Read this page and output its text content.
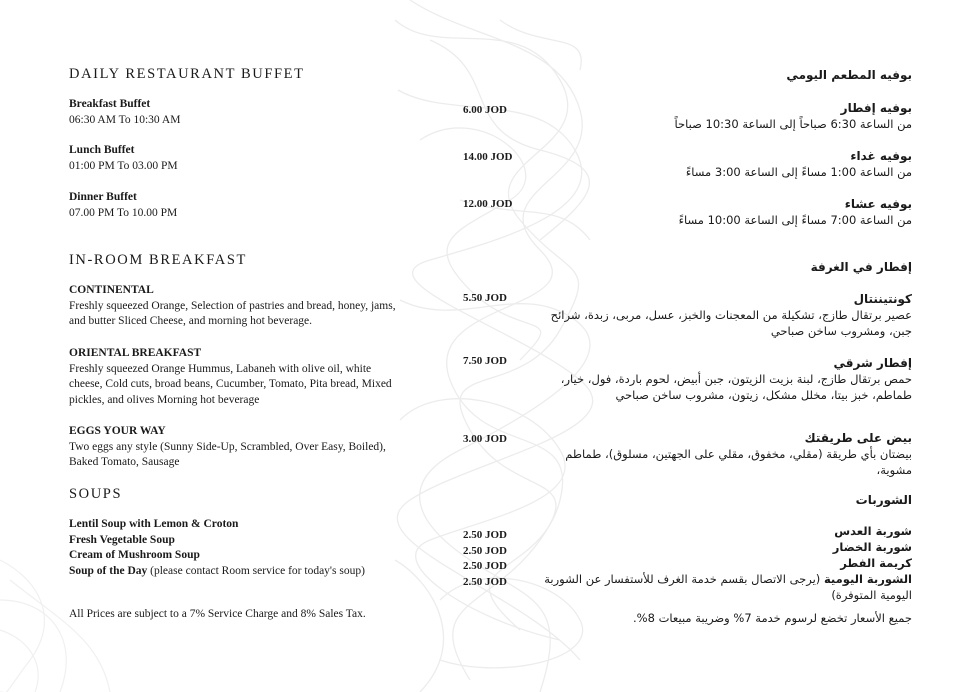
DAILY RESTAURANT BUFFET
Breakfast Buffet
06:30 AM To 10:30 AM
6.00 JOD
Lunch Buffet
01:00 PM To 03.00 PM
14.00 JOD
Dinner Buffet
07.00 PM To 10.00 PM
12.00 JOD
IN-ROOM BREAKFAST
CONTINENTAL
Freshly squeezed Orange, Selection of pastries and bread, honey, jams, and butter Sliced Cheese, and morning hot beverage.
5.50 JOD
ORIENTAL BREAKFAST
Freshly squeezed Orange Hummus, Labaneh with olive oil, white cheese, Cold cuts, broad beans, Cucumber, Tomato, Pita bread, Mixed pickles, and olives Morning hot beverage
7.50 JOD
EGGS YOUR WAY
Two eggs any style (Sunny Side-Up, Scrambled, Over Easy, Boiled), Baked Tomato, Sausage
3.00 JOD
SOUPS
Lentil Soup with Lemon & Croton
Fresh Vegetable Soup
Cream of Mushroom Soup
Soup of the Day (please contact Room service for today's soup)
2.50 JOD
2.50 JOD
2.50 JOD
2.50 JOD
All Prices are subject to a 7% Service Charge and 8% Sales Tax.
بوفيه المطعم اليومي
بوفيه إفطار
من الساعة 6:30 صباحاً إلى الساعة 10:30 صباحاً
بوفيه غداء
من الساعة 1:00 مساءً إلى الساعة 3:00 مساءً
بوفيه عشاء
من الساعة 7:00 مساءً إلى الساعة 10:00 مساءً
إفطار في الغرفة
كونتيننتال
عصير برتقال طازج، تشكيلة من المعجنات والخبز، عسل، مربى، زبدة، شرائح جبن، ومشروب ساخن صباحي
إفطار شرقي
حمص برتقال طازج، لبنة بزيت الزيتون، جبن أبيض، لحوم باردة، فول، خيار، طماطم، خبز بيتا، مخلل مشكل، زيتون، مشروب ساخن صباحي
بيض على طريقتك
بيضتان بأي طريقة (مقلي، مخفوق، مقلي على الجهتين، مسلوق)، طماطم مشوية،
الشوربات
شوربة العدس
شوربة الخضار
كريمة الفطر
الشوربة اليومية (يرجى الاتصال بقسم خدمة الغرف للأستفسار عن الشوربة اليومية المتوفرة)
جميع الأسعار تخضع لرسوم خدمة 7% وضريبة مبيعات 8%.
